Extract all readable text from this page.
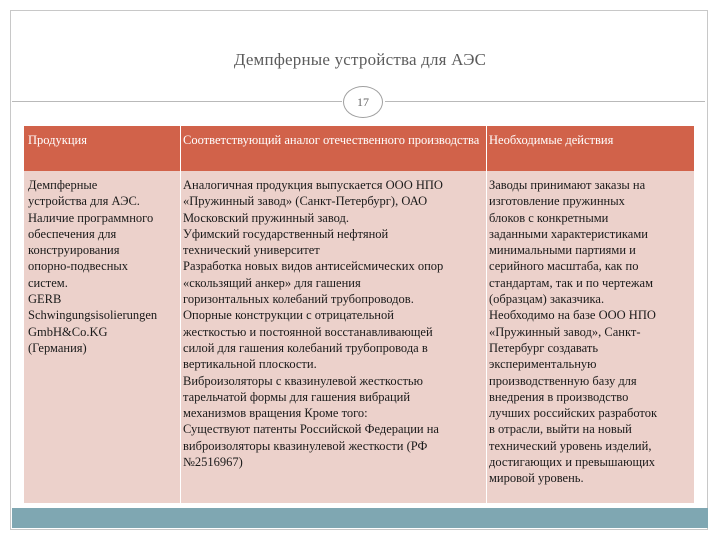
Демпферные устройства для АЭС
17
Продукция	Соответствующий аналог отечественного производства Необходимые действия
Демпферные
устройства для АЭС.
Наличие программного
обеспечения для
конструирования
опорно-подвесных
систем.
GERB
Schwingungsisolierungen
GmbH&Co.KG
(Германия)
Аналогичная продукция выпускается ООО НПО
«Пружинный завод» (Санкт-Петербург), ОАО
Московский пружинный завод.
Уфимский государственный нефтяной
технический университет
Разработка новых видов антисейсмических опор
«скользящий анкер» для гашения
горизонтальных колебаний трубопроводов.
Опорные конструкции с отрицательной
жесткостью и постоянной восстанавливающей
силой для гашения колебаний трубопровода в
вертикальной плоскости.
Виброизоляторы с квазинулевой жесткостью
тарельчатой формы для гашения вибраций
механизмов вращения Кроме того:
Существуют патенты Российской Федерации на
виброизоляторы квазинулевой жесткости (РФ
№2516967)
Заводы принимают заказы на
изготовление пружинных
блоков с конкретными
заданными характеристиками
минимальными партиями и
серийного масштаба, как по
стандартам, так и по чертежам
(образцам) заказчика.
Необходимо на базе ООО НПО
«Пружинный завод», Санкт-
Петербург создавать
экспериментальную
производственную базу для
внедрения в производство
лучших российских разработок
в отрасли, выйти на новый
технический уровень изделий,
достигающих и превышающих
мировой уровень.
